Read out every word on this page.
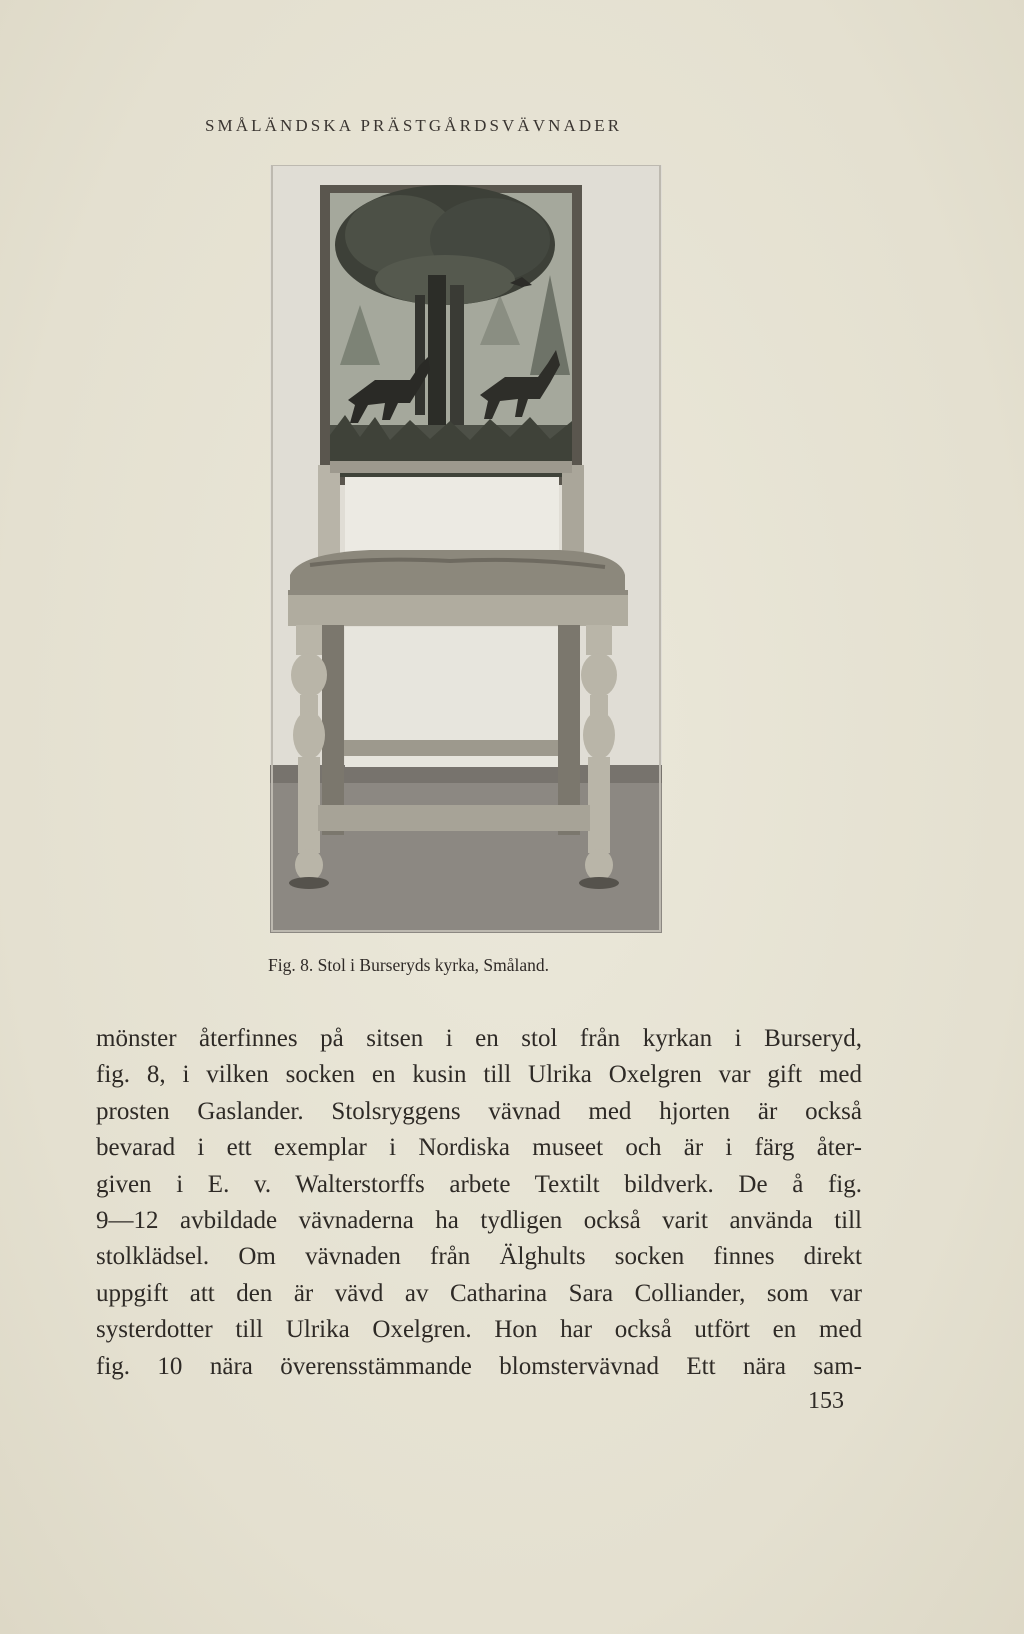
SMÅLÄNDSKA PRÄSTGÅRDSVÄVNADER
Fig. 8. Stol i Burseryds kyrka, Småland.
mönster återfinnes på sitsen i en stol från kyrkan i Burseryd,
fig. 8, i vilken socken en kusin till Ulrika Oxelgren var gift med
prosten Gaslander. Stolsryggens vävnad med hjorten är också
bevarad i ett exemplar i Nordiska museet och är i färg åter-
given i E. v. Walterstorffs arbete Textilt bildverk. De å fig.
9—12 avbildade vävnaderna ha tydligen också varit använda till
stolklädsel. Om vävnaden från Älghults socken finnes direkt
uppgift att den är vävd av Catharina Sara Colliander, som var
systerdotter till Ulrika Oxelgren. Hon har också utfört en med
fig. 10 nära överensstämmande blomstervävnad Ett nära sam-
153
